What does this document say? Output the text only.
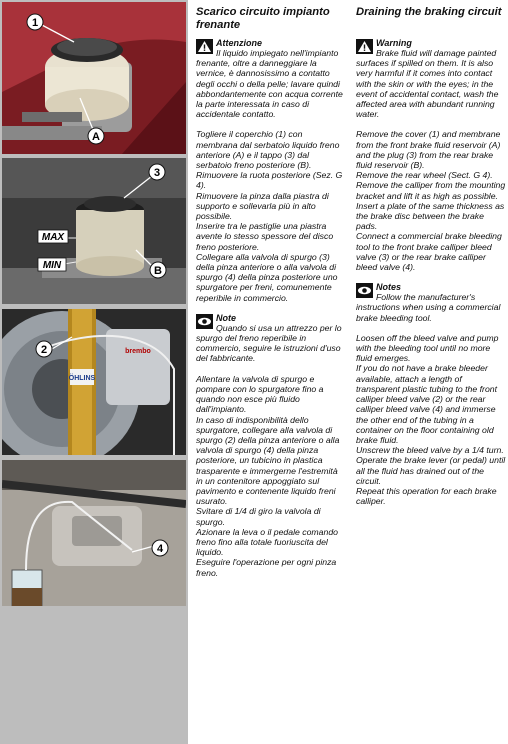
1
A
MAX
MIN
3
B
ÖHLINS
brembo
2
4
Scarico circuito impianto frenante
Attenzione

Il liquido impiegato nell'impianto frenante, oltre a danneggiare la vernice, è dannosissimo a contatto degli occhi o della pelle; lavare quindi abbondantemente con acqua corrente la parte interessata in caso di accidentale contatto.

Togliere il coperchio (1) con membrana dal serbatoio liquido freno anteriore (A) e il tappo (3) dal serbatoio freno posteriore (B).

Rimuovere la ruota posteriore (Sez. G 4).

Rimuovere la pinza dalla piastra di supporto e sollevarla più in alto possibile.

Inserire tra le pastiglie una piastra avente lo stesso spessore del disco freno posteriore.

Collegare alla valvola di spurgo (3) della pinza anteriore o alla valvola di spurgo (4) della pinza posteriore uno spurgatore per freni, comunemente reperibile in commercio.

Note

Quando si usa un attrezzo per lo spurgo del freno reperibile in commercio, seguire le istruzioni d'uso del fabbricante.

Allentare la valvola di spurgo e pompare con lo spurgatore fino a quando non esce più fluido dall'impianto.

In caso di indisponibilità dello spurgatore, collegare alla valvola di spurgo (2) della pinza anteriore o alla valvola di spurgo (4) della pinza posteriore, un tubicino in plastica trasparente e immergerne l'estremità in un contenitore appoggiato sul pavimento e contenente liquido freni usurato.

Svitare di 1/4 di giro la valvola di spurgo.

Azionare la leva o il pedale comando freno fino alla totale fuoriuscita del liquido.

Eseguire l'operazione per ogni pinza freno.

Draining the braking circuit
Warning

Brake fluid will damage painted surfaces if spilled on them. It is also very harmful if it comes into contact with the skin or with the eyes; in the event of accidental contact, wash the affected area with abundant running water.

Remove the cover (1) and membrane from the front brake fluid reservoir (A) and the plug (3) from the rear brake fluid reservoir (B).

Remove the rear wheel (Sect. G 4).

Remove the calliper from the mounting bracket and lift it as high as possible.

Insert a plate of the same thickness as the brake disc between the brake pads.

Connect a commercial brake bleeding tool to the front brake calliper bleed valve (3) or the rear brake calliper bleed valve (4).

Notes

Follow the manufacturer's instructions when using a commercial brake bleeding tool.

Loosen off the bleed valve and pump with the bleeding tool until no more fluid emerges.

If you do not have a brake bleeder available, attach a length of transparent plastic tubing to the front calliper bleed valve (2) or the rear calliper bleed valve (4) and immerse the other end of the tubing in a container on the floor containing old brake fluid.

Unscrew the bleed valve by a 1/4 turn.

Operate the brake lever (or pedal) until all the fluid has drained out of the circuit.

Repeat this operation for each brake calliper.
